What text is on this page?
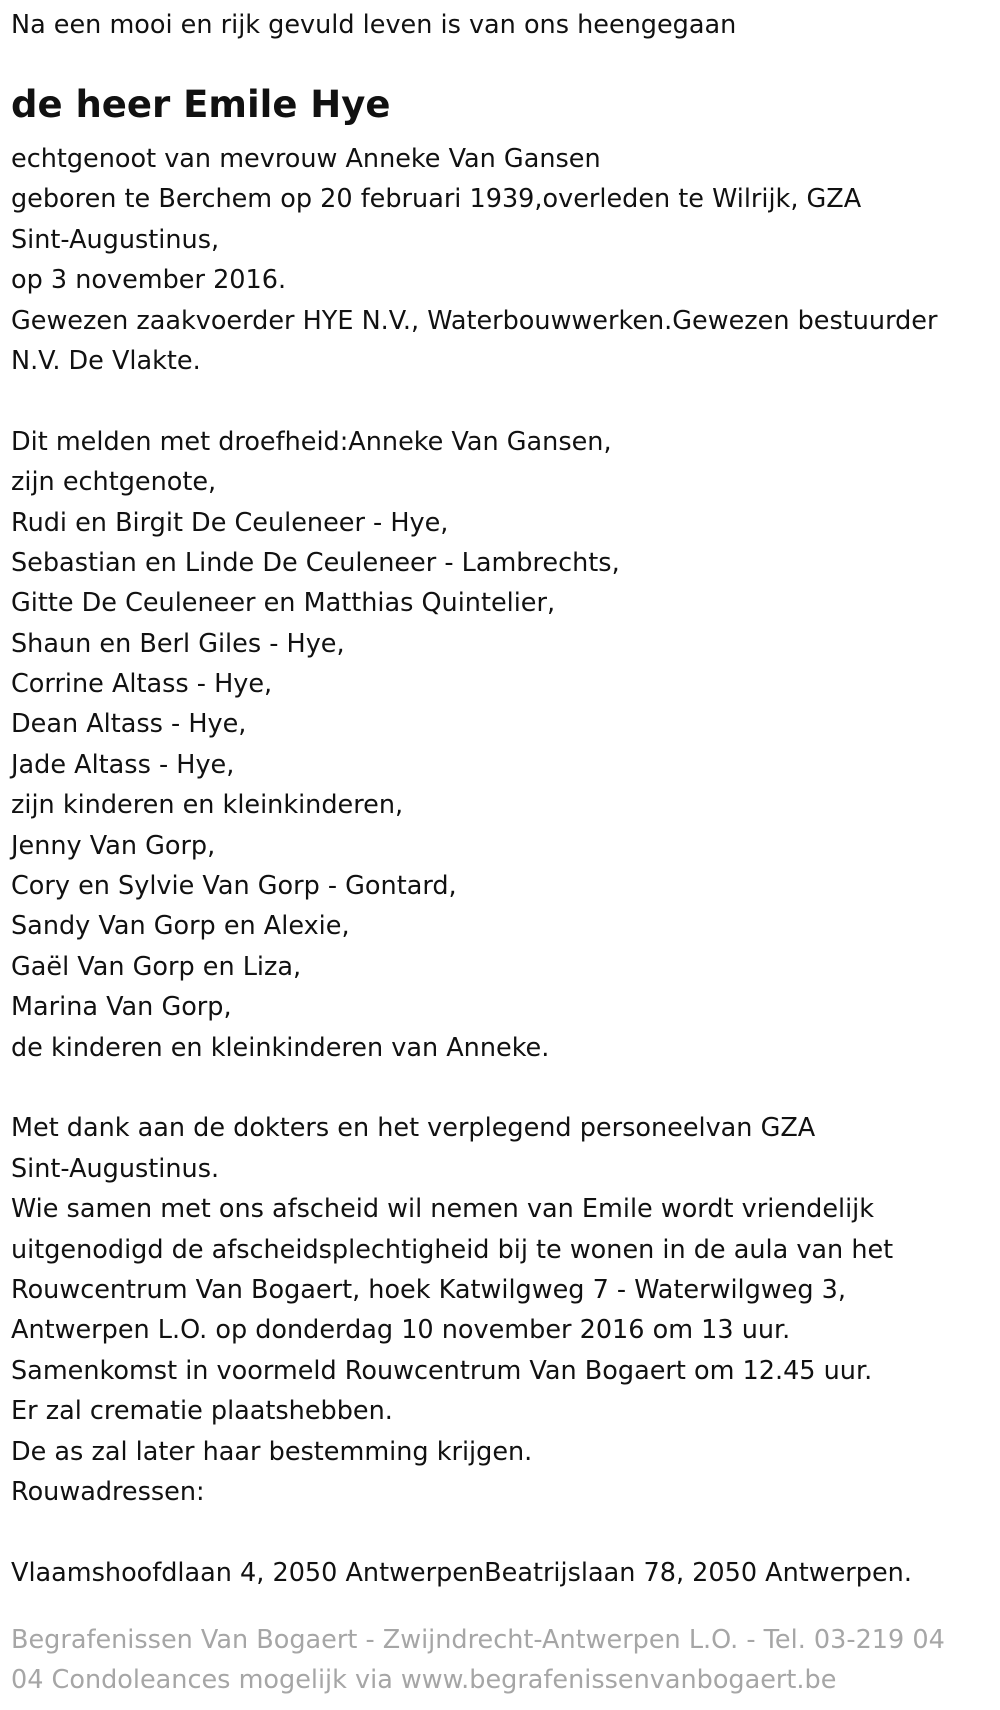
Na een mooi en rijk gevuld leven is van ons heengegaan
de heer Emile Hye
echtgenoot van mevrouw Anneke Van Gansen
geboren te Berchem op 20 februari 1939,overleden te Wilrijk, GZA
Sint-Augustinus,
op 3 november 2016.
Gewezen zaakvoerder HYE N.V., Waterbouwwerken.Gewezen bestuurder
N.V. De Vlakte.
Dit melden met droefheid:Anneke Van Gansen,
zijn echtgenote,
Rudi en Birgit De Ceuleneer - Hye,
Sebastian en Linde De Ceuleneer - Lambrechts,
Gitte De Ceuleneer en Matthias Quintelier,
Shaun en Berl Giles - Hye,
Corrine Altass - Hye,
Dean Altass - Hye,
Jade Altass - Hye,
zijn kinderen en kleinkinderen,
Jenny Van Gorp,
Cory en Sylvie Van Gorp - Gontard,
Sandy Van Gorp en Alexie,
Gaël Van Gorp en Liza,
Marina Van Gorp,
de kinderen en kleinkinderen van Anneke.
Met dank aan de dokters en het verplegend personeelvan GZA
Sint-Augustinus.
Wie samen met ons afscheid wil nemen van Emile wordt vriendelijk
uitgenodigd de afscheidsplechtigheid bij te wonen in de aula van het
Rouwcentrum Van Bogaert, hoek Katwilgweg 7 - Waterwilgweg 3,
Antwerpen L.O. op donderdag 10 november 2016 om 13 uur.
Samenkomst in voormeld Rouwcentrum Van Bogaert om 12.45 uur.
Er zal crematie plaatshebben.
De as zal later haar bestemming krijgen.
Rouwadressen:
Vlaamshoofdlaan 4, 2050 AntwerpenBeatrijslaan 78, 2050 Antwerpen.
Begrafenissen Van Bogaert - Zwijndrecht-Antwerpen L.O. - Tel. 03-219 04
04 Condoleances mogelijk via www.begrafenissenvanbogaert.be
